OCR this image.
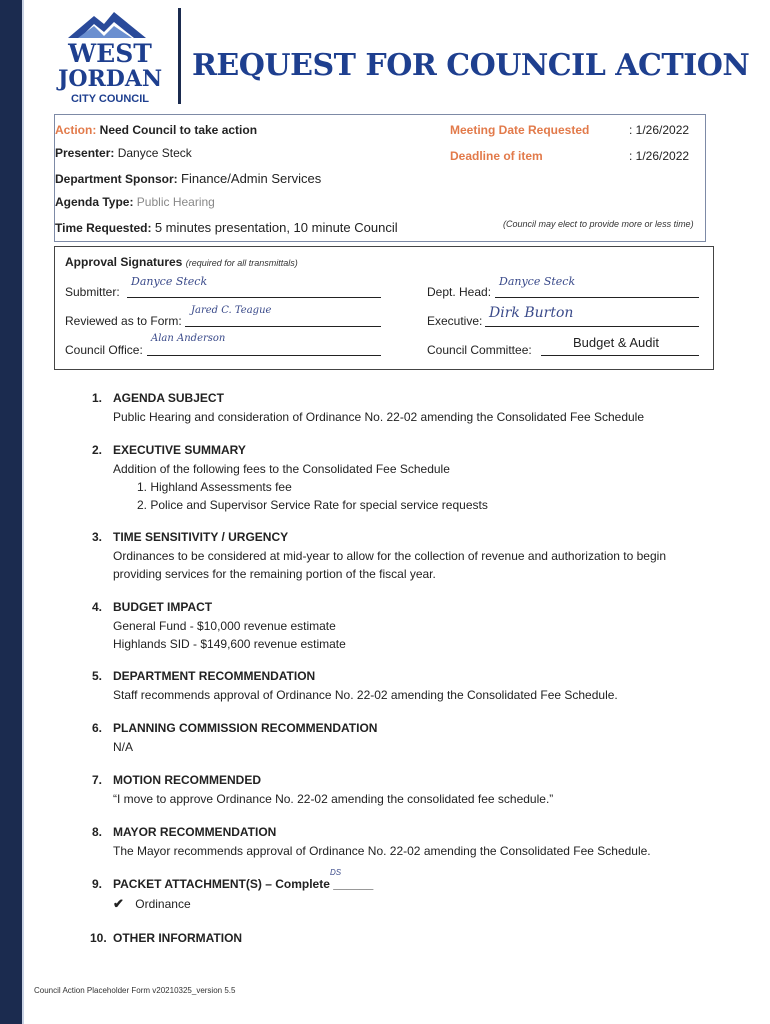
WEST
JORDAN
CITY COUNCIL
REQUEST FOR COUNCIL ACTION
Action: Need Council to take action
Presenter: Danyce Steck
Meeting Date Requested	: 1/26/2022
Deadline of item	: 1/26/2022
Department Sponsor: Finance/Admin Services
Agenda Type: Public Hearing
Time Requested: 5 minutes presentation, 10 minute Council	(Council may elect to provide more or less time)
Approval Signatures (required for all transmittals)
Submitter:
Danyce Steck
Dept. Head:
Danyce Steck
Reviewed as to Form:
Jared C. Teague
Executive: Dirk Burton
Council Office:
Alan Anderson
Council Committee:	Budget & Audit
1. AGENDA SUBJECT
Public Hearing and consideration of Ordinance No. 22-02 amending the Consolidated Fee Schedule
2. EXECUTIVE SUMMARY
Addition of the following fees to the Consolidated Fee Schedule
1. Highland Assessments fee
2. Police and Supervisor Service Rate for special service requests
3. TIME SENSITIVITY / URGENCY
Ordinances to be considered at mid-year to allow for the collection of revenue and authorization to begin providing services for the remaining portion of the fiscal year.
4. BUDGET IMPACT
General Fund - $10,000 revenue estimate
Highlands SID - $149,600 revenue estimate
5. DEPARTMENT RECOMMENDATION
Staff recommends approval of Ordinance No. 22-02 amending the Consolidated Fee Schedule.
6. PLANNING COMMISSION RECOMMENDATION
N/A
7. MOTION RECOMMENDED
“I move to approve Ordinance No. 22-02 amending the consolidated fee schedule.”
8. MAYOR RECOMMENDATION
The Mayor recommends approval of Ordinance No. 22-02 amending the Consolidated Fee Schedule.
9. PACKET ATTACHMENT(S) – Complete ______
DS
✔ Ordinance
10. OTHER INFORMATION
Council Action Placeholder Form v20210325_version 5.5
